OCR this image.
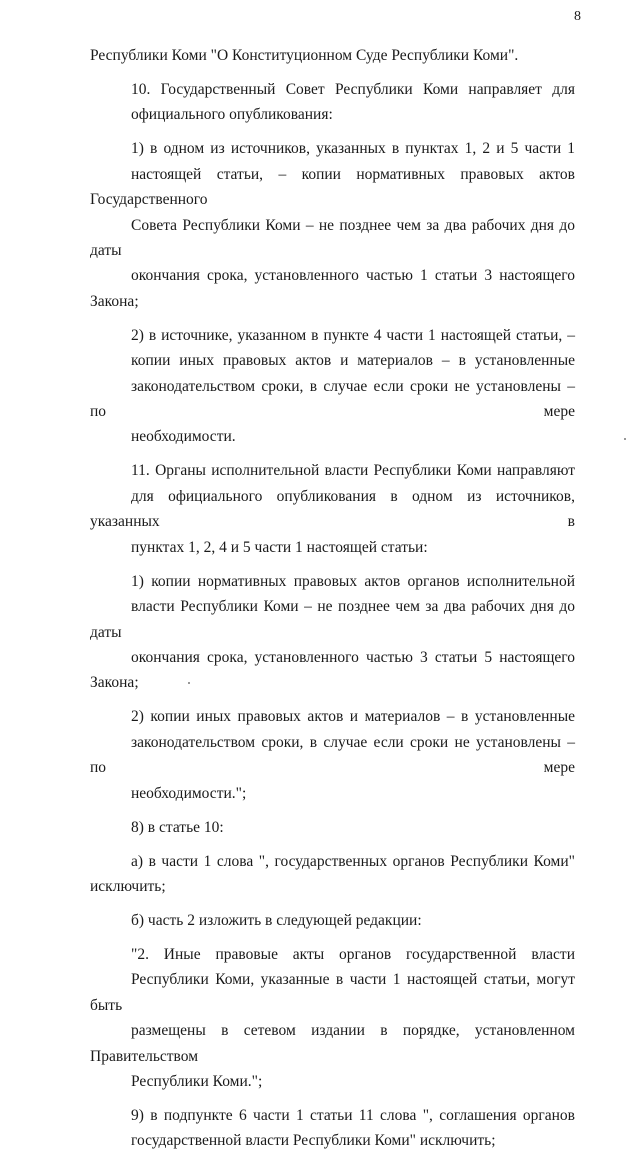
8

Республики Коми "О Конституционном Суде Республики Коми".

10. Государственный Совет Республики Коми направляет для
официального опубликования:

1) в одном из источников, указанных в пунктах 1, 2 и 5 части 1
настоящей статьи, – копии нормативных правовых актов Государственного
Совета Республики Коми – не позднее чем за два рабочих дня до даты
окончания срока, установленного частью 1 статьи 3 настоящего Закона;

2) в источнике, указанном в пункте 4 части 1 настоящей статьи, –
копии иных правовых актов и материалов – в установленные
законодательством сроки, в случае если сроки не установлены – по мере
необходимости.

11. Органы исполнительной власти Республики Коми направляют
для официального опубликования в одном из источников, указанных в
пунктах 1, 2, 4 и 5 части 1 настоящей статьи:

1) копии нормативных правовых актов органов исполнительной
власти Республики Коми – не позднее чем за два рабочих дня до даты
окончания срока, установленного частью 3 статьи 5 настоящего Закона;

2) копии иных правовых актов и материалов – в установленные
законодательством сроки, в случае если сроки не установлены – по мере
необходимости.";

8) в статье 10:

а) в части 1 слова ", государственных органов Республики Коми"
исключить;

б) часть 2 изложить в следующей редакции:

"2. Иные правовые акты органов государственной власти
Республики Коми, указанные в части 1 настоящей статьи, могут быть
размещены в сетевом издании в порядке, установленном Правительством
Республики Коми.";

9) в подпункте 6 части 1 статьи 11 слова ", соглашения органов
государственной власти Республики Коми" исключить;
